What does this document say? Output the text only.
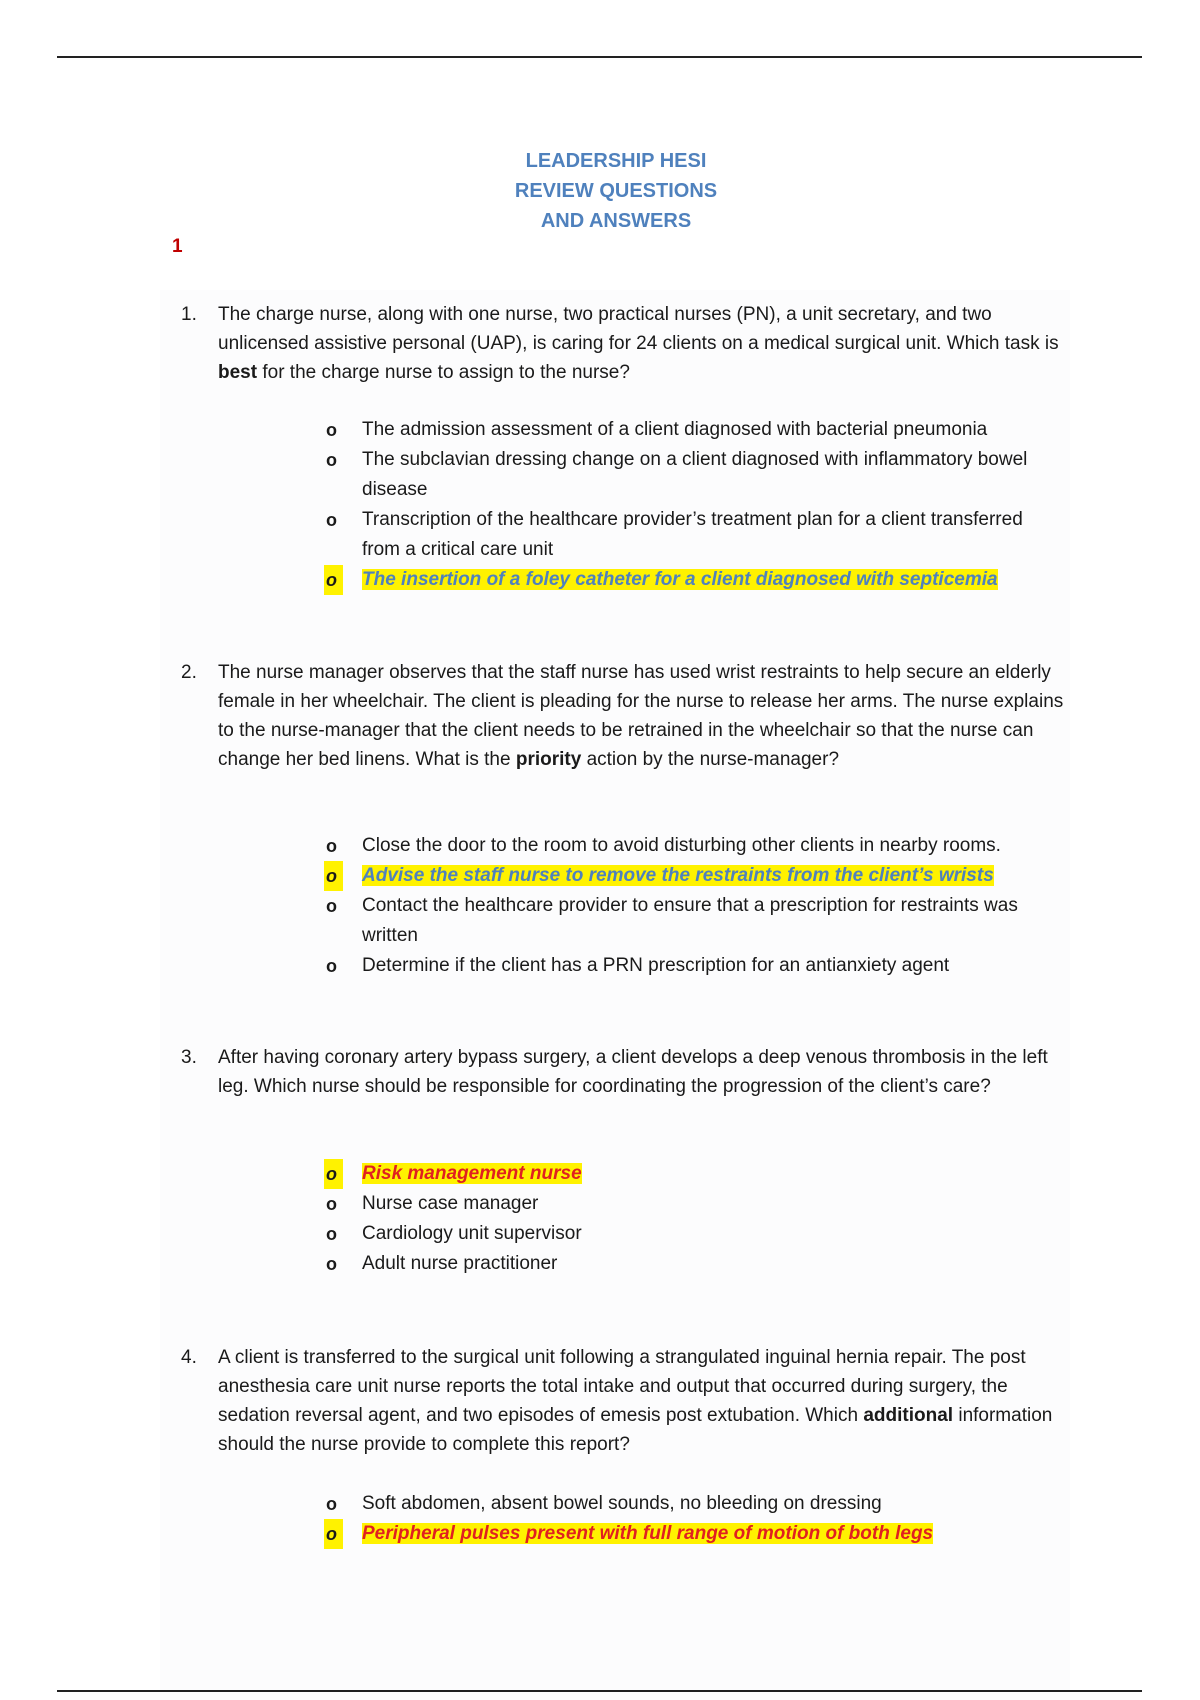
LEADERSHIP HESI
REVIEW QUESTIONS
AND ANSWERS
1
1. The charge nurse, along with one nurse, two practical nurses (PN), a unit secretary, and two unlicensed assistive personal (UAP), is caring for 24 clients on a medical surgical unit. Which task is best for the charge nurse to assign to the nurse?
o The admission assessment of a client diagnosed with bacterial pneumonia
o The subclavian dressing change on a client diagnosed with inflammatory bowel disease
o Transcription of the healthcare provider’s treatment plan for a client transferred from a critical care unit
o	The insertion of a foley catheter for a client diagnosed with septicemia
2. The nurse manager observes that the staff nurse has used wrist restraints to help secure an elderly female in her wheelchair. The client is pleading for the nurse to release her arms. The nurse explains to the nurse-manager that the client needs to be retrained in the wheelchair so that the nurse can change her bed linens. What is the priority action by the nurse-manager?
o Close the door to the room to avoid disturbing other clients in nearby rooms.
o	Advise the staff nurse to remove the restraints from the client’s wrists
o Contact the healthcare provider to ensure that a prescription for restraints was written
o Determine if the client has a PRN prescription for an antianxiety agent
3. After having coronary artery bypass surgery, a client develops a deep venous thrombosis in the left leg. Which nurse should be responsible for coordinating the progression of the client’s care?
o	Risk management nurse
o Nurse case manager
o Cardiology unit supervisor
o Adult nurse practitioner
4. A client is transferred to the surgical unit following a strangulated inguinal hernia repair. The post anesthesia care unit nurse reports the total intake and output that occurred during surgery, the sedation reversal agent, and two episodes of emesis post extubation. Which additional information should the nurse provide to complete this report?
o Soft abdomen, absent bowel sounds, no bleeding on dressing
o	Peripheral pulses present with full range of motion of both legs
